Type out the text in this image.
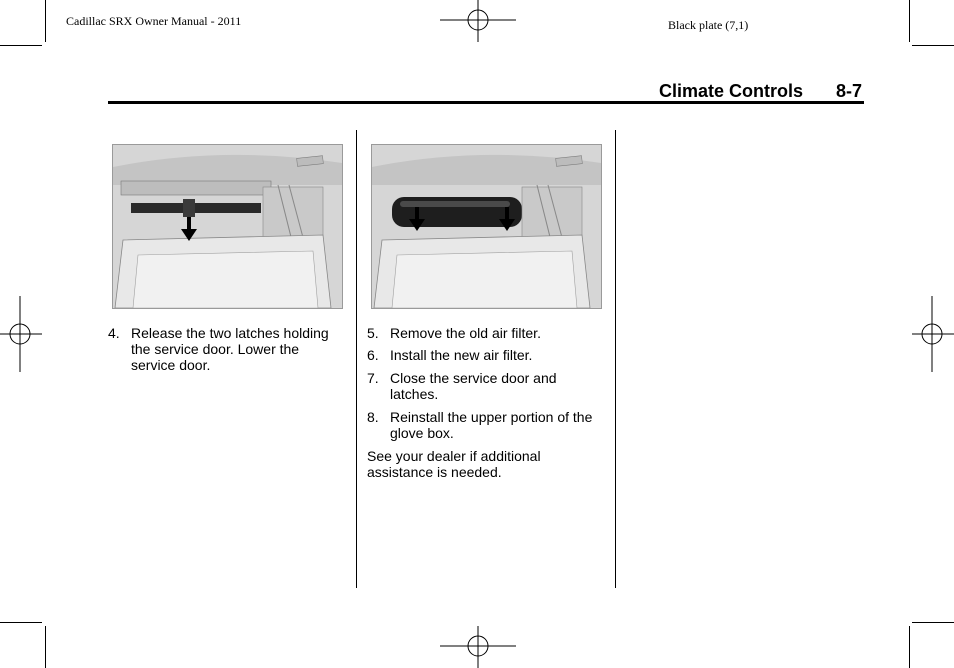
Cadillac SRX Owner Manual - 2011	Black plate (7,1)
Climate Controls 8-7
4. Release the two latches holding the service door. Lower the service door.
5. Remove the old air filter.
6. Install the new air filter.
7. Close the service door and latches.
8. Reinstall the upper portion of the glove box.

See your dealer if additional assistance is needed.
